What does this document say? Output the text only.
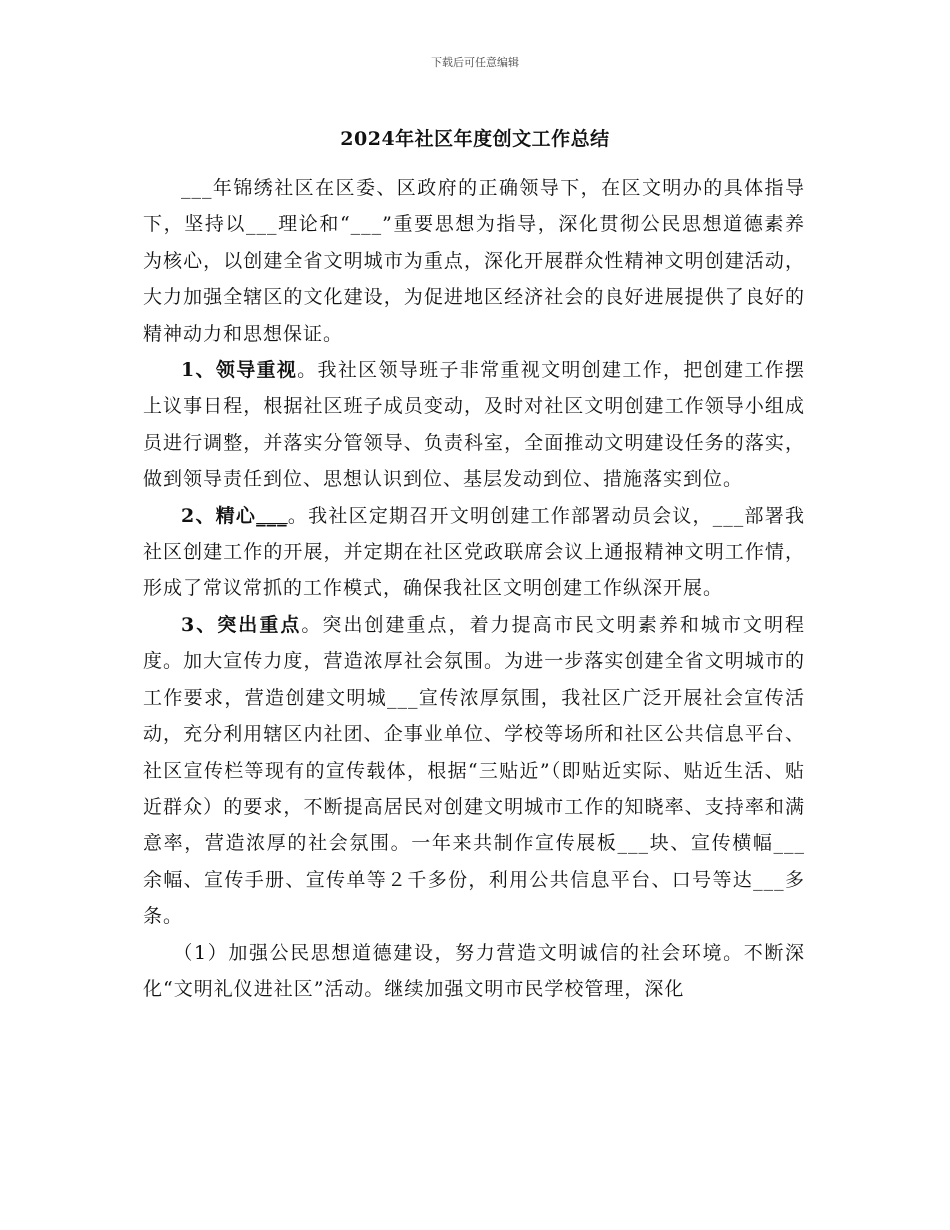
下载后可任意编辑
2024年社区年度创文工作总结

___年锦绣社区在区委、区政府的正确领导下，在区文明办的具体指导下，坚持以___理论和“___”重要思想为指导，深化贯彻公民思想道德素养为核心，以创建全省文明城市为重点，深化开展群众性精神文明创建活动，大力加强全辖区的文化建设，为促进地区经济社会的良好进展提供了良好的精神动力和思想保证。

1、领导重视。我社区领导班子非常重视文明创建工作，把创建工作摆上议事日程，根据社区班子成员变动，及时对社区文明创建工作领导小组成员进行调整，并落实分管领导、负责科室，全面推动文明建设任务的落实，做到领导责任到位、思想认识到位、基层发动到位、措施落实到位。

2、精心___。我社区定期召开文明创建工作部署动员会议，___部署我社区创建工作的开展，并定期在社区党政联席会议上通报精神文明工作情，形成了常议常抓的工作模式，确保我社区文明创建工作纵深开展。

3、突出重点。突出创建重点，着力提高市民文明素养和城市文明程度。加大宣传力度，营造浓厚社会氛围。为进一步落实创建全省文明城市的工作要求，营造创建文明城___宣传浓厚氛围，我社区广泛开展社会宣传活动，充分利用辖区内社团、企事业单位、学校等场所和社区公共信息平台、社区宣传栏等现有的宣传载体，根据“三贴近”（即贴近实际、贴近生活、贴近群众）的要求，不断提高居民对创建文明城市工作的知晓率、支持率和满意率，营造浓厚的社会氛围。一年来共制作宣传展板___块、宣传横幅___余幅、宣传手册、宣传单等２千多份，利用公共信息平台、口号等达___多条。

（1）加强公民思想道德建设，努力营造文明诚信的社会环境。不断深化“文明礼仪进社区”活动。继续加强文明市民学校管理，深化
